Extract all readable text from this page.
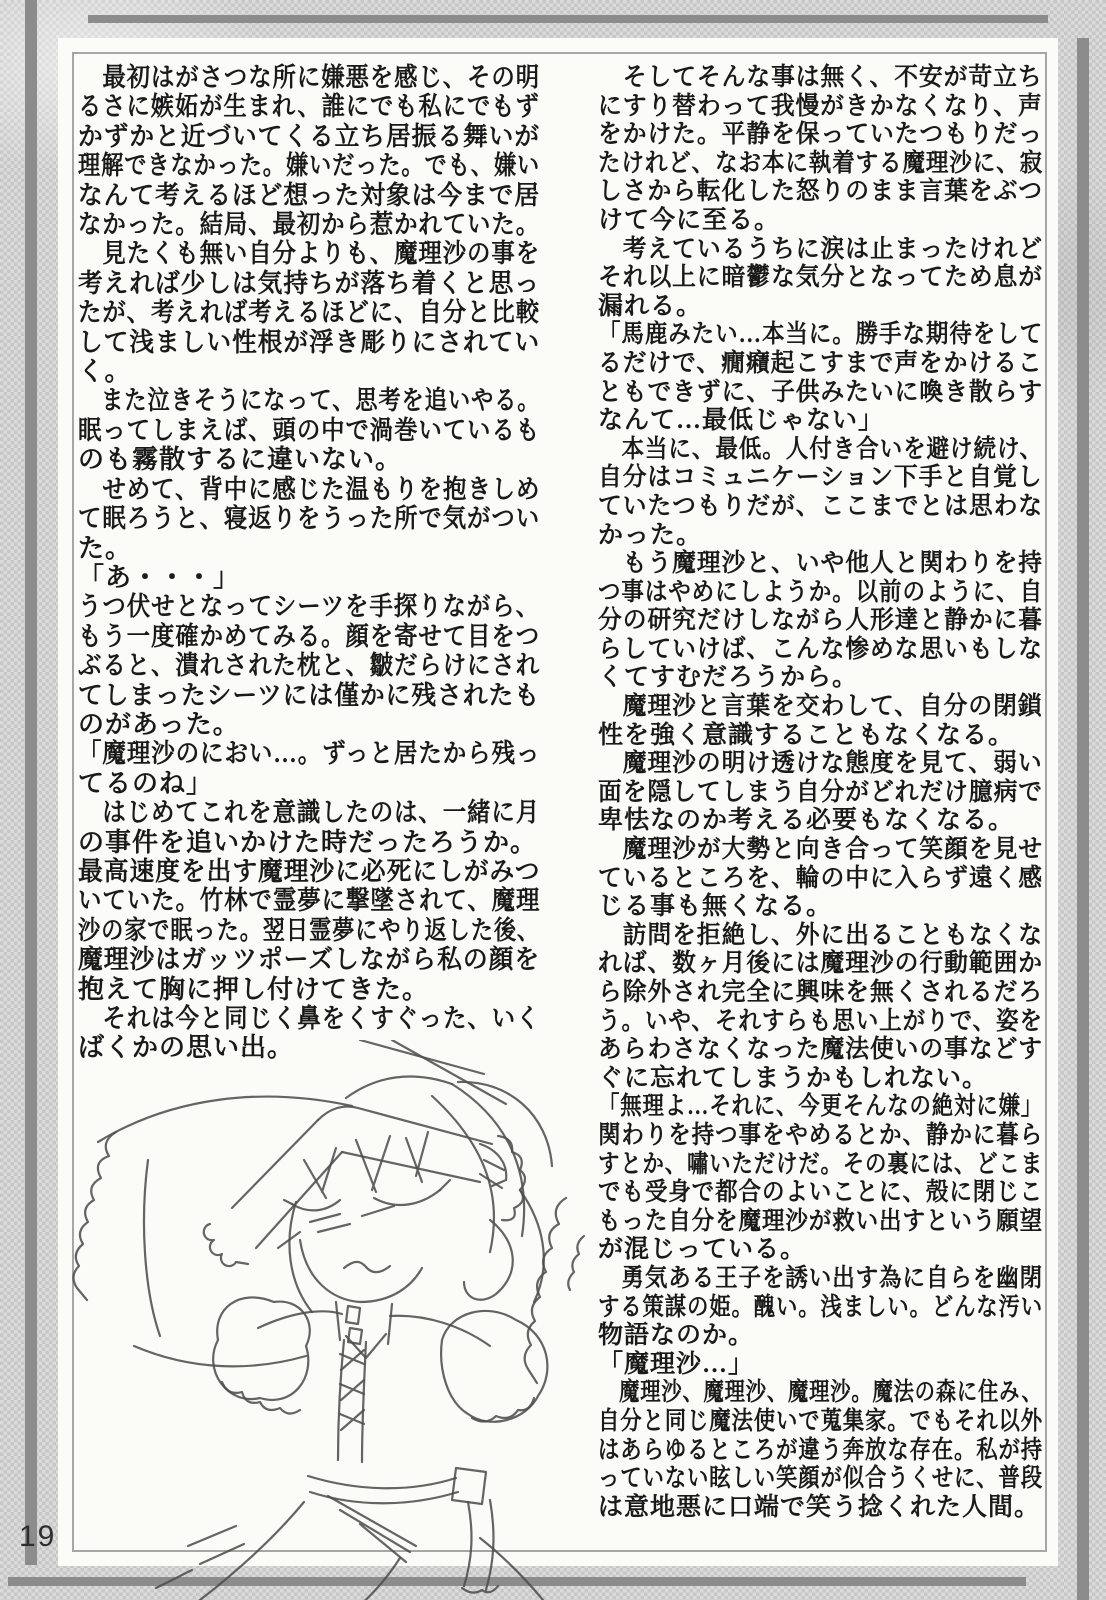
　最初はがさつな所に嫌悪を感じ、その明
るさに嫉妬が生まれ、誰にでも私にでもず
かずかと近づいてくる立ち居振る舞いが
理解できなかった。嫌いだった。でも、嫌い
なんて考えるほど想った対象は今まで居
なかった。結局、最初から惹かれていた。
　見たくも無い自分よりも、魔理沙の事を
考えれば少しは気持ちが落ち着くと思っ
たが、考えれば考えるほどに、自分と比較
して浅ましい性根が浮き彫りにされてい
く。
　また泣きそうになって、思考を追いやる。
眠ってしまえば、頭の中で渦巻いているも
のも霧散するに違いない。
　せめて、背中に感じた温もりを抱きしめ
て眠ろうと、寝返りをうった所で気がつい
た。
「あ・・・」
うつ伏せとなってシーツを手探りながら、
もう一度確かめてみる。顔を寄せて目をつ
ぶると、潰れされた枕と、皺だらけにされ
てしまったシーツには僅かに残されたも
のがあった。
「魔理沙のにおい…。ずっと居たから残っ
てるのね」
　はじめてこれを意識したのは、一緒に月
の事件を追いかけた時だったろうか。
最高速度を出す魔理沙に必死にしがみつ
いていた。竹林で霊夢に撃墜されて、魔理
沙の家で眠った。翌日霊夢にやり返した後、
魔理沙はガッツポーズしながら私の顔を
抱えて胸に押し付けてきた。
　それは今と同じく鼻をくすぐった、いく
ばくかの思い出。
　そしてそんな事は無く、不安が苛立ち
にすり替わって我慢がきかなくなり、声
をかけた。平静を保っていたつもりだっ
たけれど、なお本に執着する魔理沙に、寂
しさから転化した怒りのまま言葉をぶつ
けて今に至る。
　考えているうちに涙は止まったけれど
それ以上に暗鬱な気分となってため息が
漏れる。
「馬鹿みたい…本当に。勝手な期待をして
るだけで、癇癪起こすまで声をかけるこ
ともできずに、子供みたいに喚き散らす
なんて…最低じゃない」
　本当に、最低。人付き合いを避け続け、
自分はコミュニケーション下手と自覚し
ていたつもりだが、ここまでとは思わな
かった。
　もう魔理沙と、いや他人と関わりを持
つ事はやめにしようか。以前のように、自
分の研究だけしながら人形達と静かに暮
らしていけば、こんな惨めな思いもしな
くてすむだろうから。
　魔理沙と言葉を交わして、自分の閉鎖
性を強く意識することもなくなる。
　魔理沙の明け透けな態度を見て、弱い
面を隠してしまう自分がどれだけ臆病で
卑怯なのか考える必要もなくなる。
　魔理沙が大勢と向き合って笑顔を見せ
ているところを、輪の中に入らず遠く感
じる事も無くなる。
　訪問を拒絶し、外に出ることもなくな
れば、数ヶ月後には魔理沙の行動範囲か
ら除外され完全に興味を無くされるだろ
う。いや、それすらも思い上がりで、姿を
あらわさなくなった魔法使いの事などす
ぐに忘れてしまうかもしれない。
「無理よ…それに、今更そんなの絶対に嫌」
関わりを持つ事をやめるとか、静かに暮ら
すとか、嘯いただけだ。その裏には、どこま
でも受身で都合のよいことに、殻に閉じこ
もった自分を魔理沙が救い出すという願望
が混じっている。
　勇気ある王子を誘い出す為に自らを幽閉
する策謀の姫。醜い。浅ましい。どんな汚い
物語なのか。
「魔理沙…」
　魔理沙、魔理沙、魔理沙。魔法の森に住み、
自分と同じ魔法使いで蒐集家。でもそれ以外
はあらゆるところが違う奔放な存在。私が持
っていない眩しい笑顔が似合うくせに、普段
は意地悪に口端で笑う捻くれた人間。
19
